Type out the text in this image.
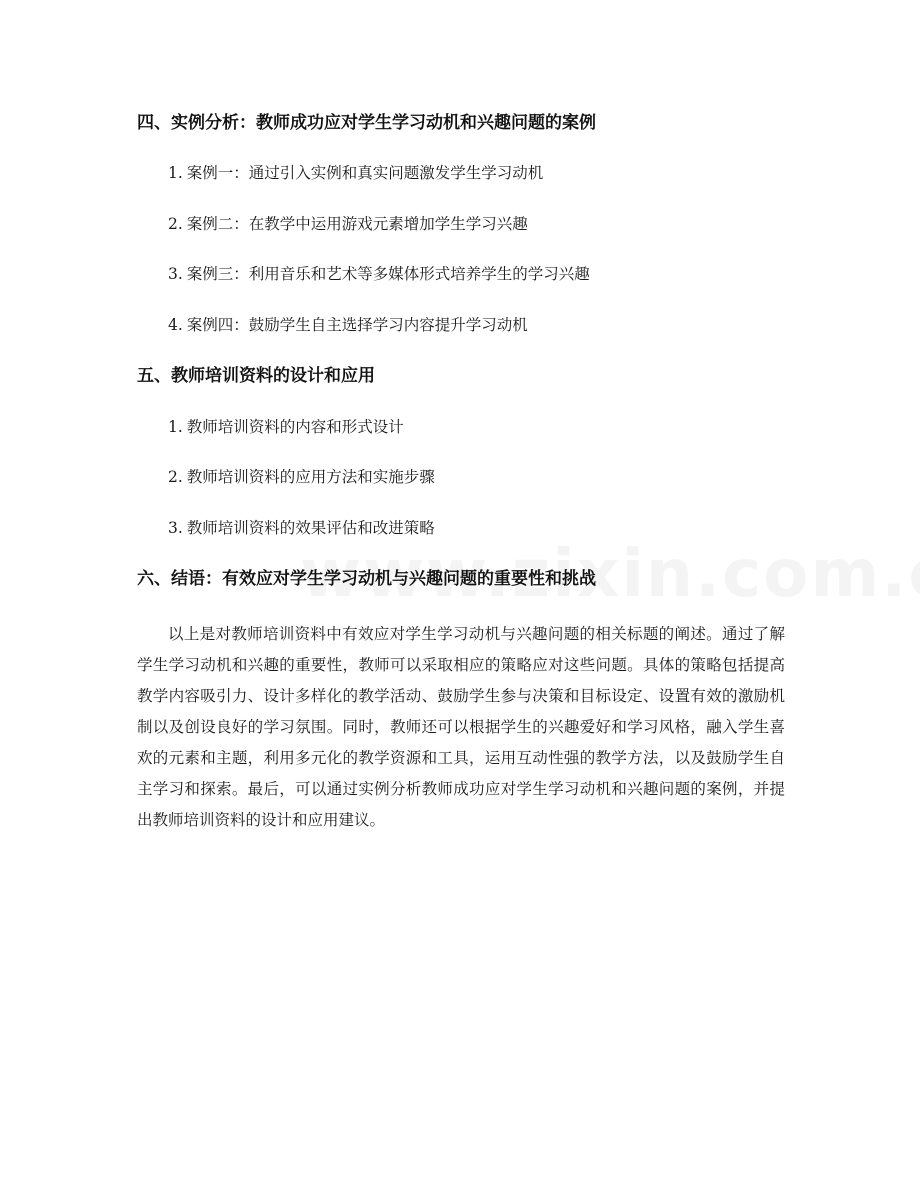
四、实例分析：教师成功应对学生学习动机和兴趣问题的案例

1. 案例一：通过引入实例和真实问题激发学生学习动机

2. 案例二：在教学中运用游戏元素增加学生学习兴趣

3. 案例三：利用音乐和艺术等多媒体形式培养学生的学习兴趣

4. 案例四：鼓励学生自主选择学习内容提升学习动机

五、教师培训资料的设计和应用

1. 教师培训资料的内容和形式设计

2. 教师培训资料的应用方法和实施步骤

3. 教师培训资料的效果评估和改进策略

六、结语：有效应对学生学习动机与兴趣问题的重要性和挑战

以上是对教师培训资料中有效应对学生学习动机与兴趣问题的相关标题的阐述。通过了解学生学习动机和兴趣的重要性，教师可以采取相应的策略应对这些问题。具体的策略包括提高教学内容吸引力、设计多样化的教学活动、鼓励学生参与决策和目标设定、设置有效的激励机制以及创设良好的学习氛围。同时，教师还可以根据学生的兴趣爱好和学习风格，融入学生喜欢的元素和主题，利用多元化的教学资源和工具，运用互动性强的教学方法，以及鼓励学生自主学习和探索。最后，可以通过实例分析教师成功应对学生学习动机和兴趣问题的案例，并提出教师培训资料的设计和应用建议。
